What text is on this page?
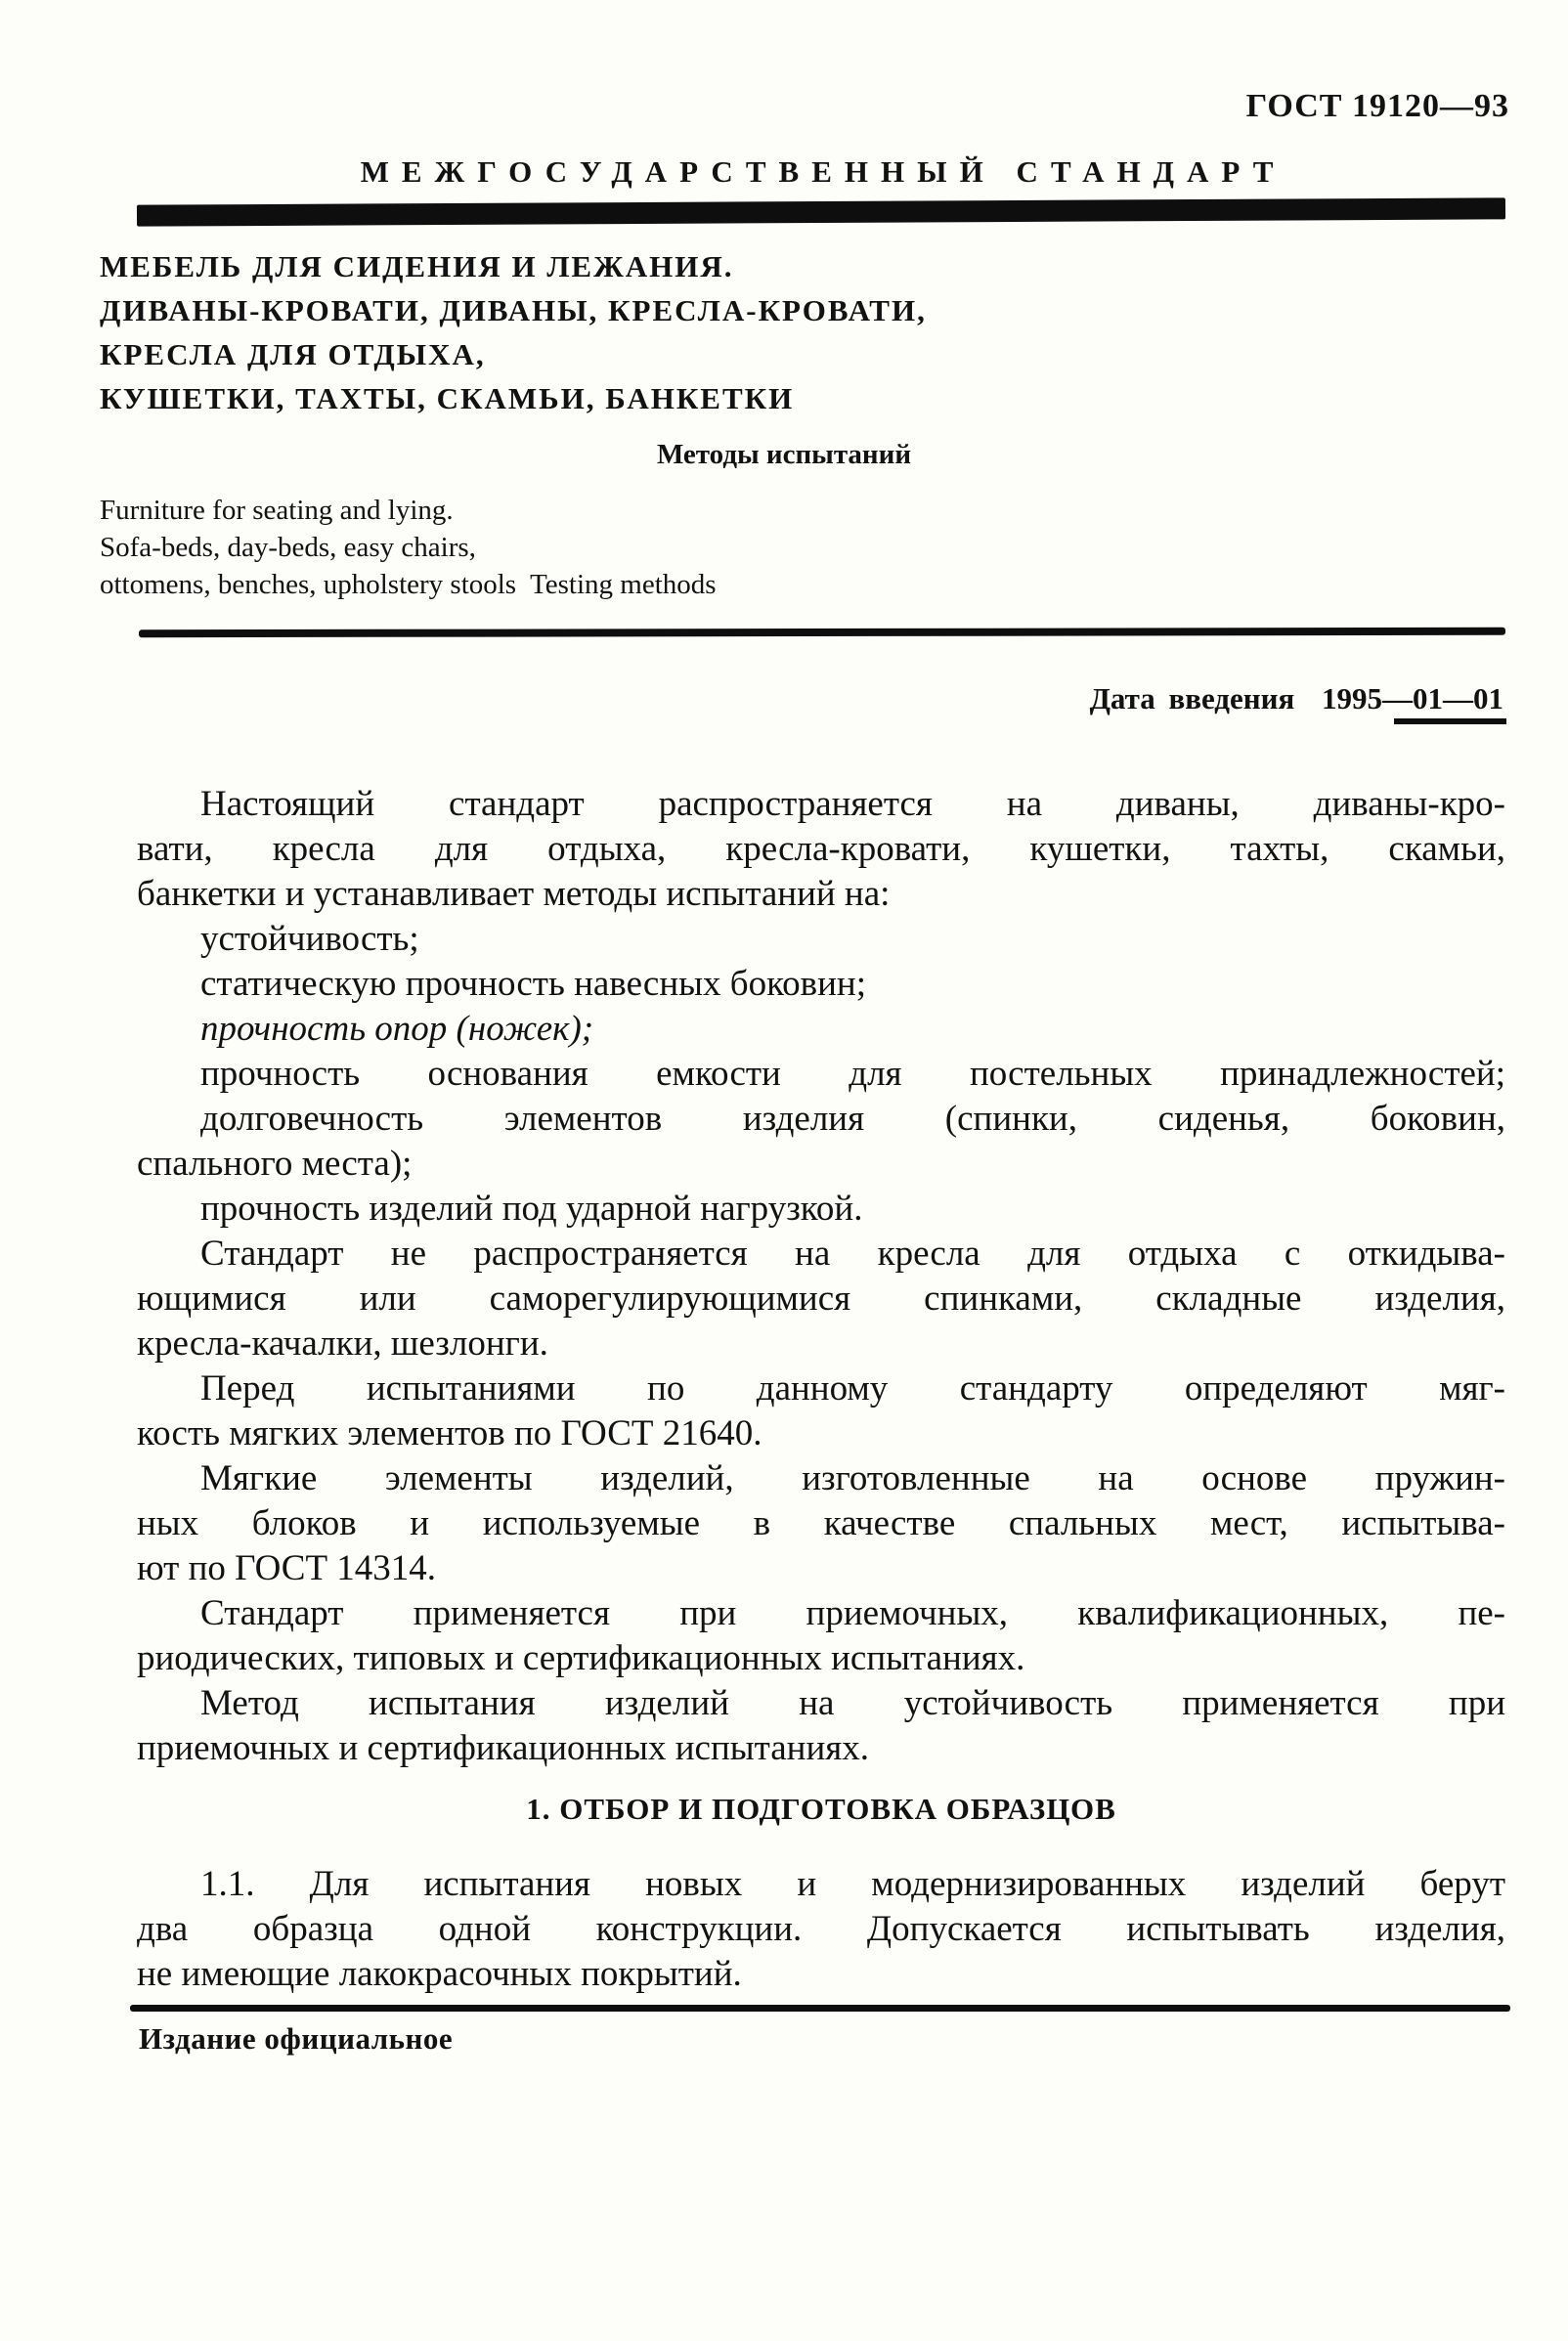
ГОСТ 19120—93
МЕЖГОСУДАРСТВЕННЫЙ СТАНДАРТ
МЕБЕЛЬ ДЛЯ СИДЕНИЯ И ЛЕЖАНИЯ.
ДИВАНЫ-КРОВАТИ, ДИВАНЫ, КРЕСЛА-КРОВАТИ,
КРЕСЛА ДЛЯ ОТДЫХА,
КУШЕТКИ, ТАХТЫ, СКАМЬИ, БАНКЕТКИ
Методы испытаний
Furniture for seating and lying.
Sofa-beds, day-beds, easy chairs,
ottomens, benches, upholstery stools  Testing methods
Дата введения 1995—01—01
Настоящий стандарт распространяется на диваны, диваны-кро-
вати, кресла для отдыха, кресла-кровати, кушетки, тахты, скамьи,
банкетки и устанавливает методы испытаний на:
устойчивость;
статическую прочность навесных боковин;
прочность опор (ножек);
прочность основания емкости для постельных принадлежностей;
долговечность элементов изделия (спинки, сиденья, боковин,
спального места);
прочность изделий под ударной нагрузкой.
Стандарт не распространяется на кресла для отдыха с откидыва-
ющимися или саморегулирующимися спинками, складные изделия,
кресла-качалки, шезлонги.
Перед испытаниями по данному стандарту определяют мяг-
кость мягких элементов по ГОСТ 21640.
Мягкие элементы изделий, изготовленные на основе пружин-
ных блоков и используемые в качестве спальных мест, испытыва-
ют по ГОСТ 14314.
Стандарт применяется при приемочных, квалификационных, пе-
риодических, типовых и сертификационных испытаниях.
Метод испытания изделий на устойчивость применяется при
приемочных и сертификационных испытаниях.
1. ОТБОР И ПОДГОТОВКА ОБРАЗЦОВ
1.1. Для испытания новых и модернизированных изделий берут
два образца одной конструкции. Допускается испытывать изделия,
не имеющие лакокрасочных покрытий.
Издание официальное
